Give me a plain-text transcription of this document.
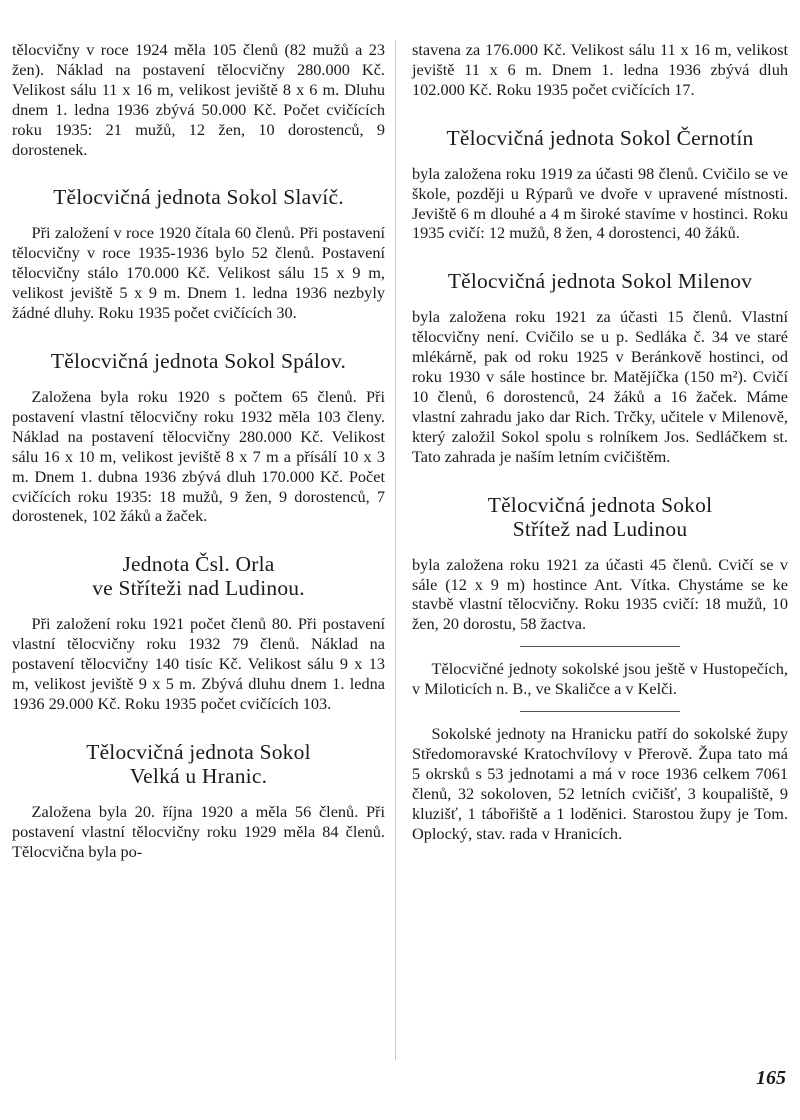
tělocvičny v roce 1924 měla 105 členů (82 mužů a 23 žen). Náklad na postavení tělocvičny 280.000 Kč. Velikost sálu 11 x 16 m, velikost jeviště 8 x 6 m. Dluhu dnem 1. ledna 1936 zbývá 50.000 Kč. Počet cvičících roku 1935: 21 mužů, 12 žen, 10 dorostenců, 9 dorostenek.

Tělocvičná jednota Sokol Slavíč.

Při založení v roce 1920 čítala 60 členů. Při postavení tělocvičny v roce 1935-1936 bylo 52 členů. Postavení tělocvičny stálo 170.000 Kč. Velikost sálu 15 x 9 m, velikost jeviště 5 x 9 m. Dnem 1. ledna 1936 nezbyly žádné dluhy. Roku 1935 počet cvičících 30.

Tělocvičná jednota Sokol Spálov.

Založena byla roku 1920 s počtem 65 členů. Při postavení vlastní tělocvičny roku 1932 měla 103 členy. Náklad na postavení tělocvičny 280.000 Kč. Velikost sálu 16 x 10 m, velikost jeviště 8 x 7 m a přísálí 10 x 3 m. Dnem 1. dubna 1936 zbývá dluh 170.000 Kč. Počet cvičících roku 1935: 18 mužů, 9 žen, 9 dorostenců, 7 dorostenek, 102 žáků a žaček.

Jednota Čsl. Orla
ve Stříteži nad Ludinou.

Při založení roku 1921 počet členů 80. Při postavení vlastní tělocvičny roku 1932 79 členů. Náklad na postavení tělocvičny 140 tisíc Kč. Velikost sálu 9 x 13 m, velikost jeviště 9 x 5 m. Zbývá dluhu dnem 1. ledna 1936 29.000 Kč. Roku 1935 počet cvičících 103.

Tělocvičná jednota Sokol
Velká u Hranic.

Založena byla 20. října 1920 a měla 56 členů. Při postavení vlastní tělocvičny roku 1929 měla 84 členů. Tělocvična byla po-

stavena za 176.000 Kč. Velikost sálu 11 x 16 m, velikost jeviště 11 x 6 m. Dnem 1. ledna 1936 zbývá dluh 102.000 Kč. Roku 1935 počet cvičících 17.

Tělocvičná jednota Sokol Černotín

byla založena roku 1919 za účasti 98 členů. Cvičilo se ve škole, později u Rýparů ve dvoře v upravené místnosti. Jeviště 6 m dlouhé a 4 m široké stavíme v hostinci. Roku 1935 cvičí: 12 mužů, 8 žen, 4 dorostenci, 40 žáků.

Tělocvičná jednota Sokol Milenov

byla založena roku 1921 za účasti 15 členů. Vlastní tělocvičny není. Cvičilo se u p. Sedláka č. 34 ve staré mlékárně, pak od roku 1925 v Beránkově hostinci, od roku 1930 v sále hostince br. Matějíčka (150 m²). Cvičí 10 členů, 6 dorostenců, 24 žáků a 16 žaček. Máme vlastní zahradu jako dar Rich. Trčky, učitele v Milenově, který založil Sokol spolu s rolníkem Jos. Sedláčkem st. Tato zahrada je naším letním cvičištěm.

Tělocvičná jednota Sokol
Střítež nad Ludinou

byla založena roku 1921 za účasti 45 členů. Cvičí se v sále (12 x 9 m) hostince Ant. Vítka. Chystáme se ke stavbě vlastní tělocvičny. Roku 1935 cvičí: 18 mužů, 10 žen, 20 dorostu, 58 žactva.

Tělocvičné jednoty sokolské jsou ještě v Hustopečích, v Miloticích n. B., ve Skaličce a v Kelči.

Sokolské jednoty na Hranicku patří do sokolské župy Středomoravské Kratochvílovy v Přerově. Župa tato má 5 okrsků s 53 jednotami a má v roce 1936 celkem 7061 členů, 32 sokoloven, 52 letních cvičišť, 3 koupaliště, 9 kluzišť, 1 tábořiště a 1 loděnici. Starostou župy je Tom. Oplocký, stav. rada v Hranicích.

165
